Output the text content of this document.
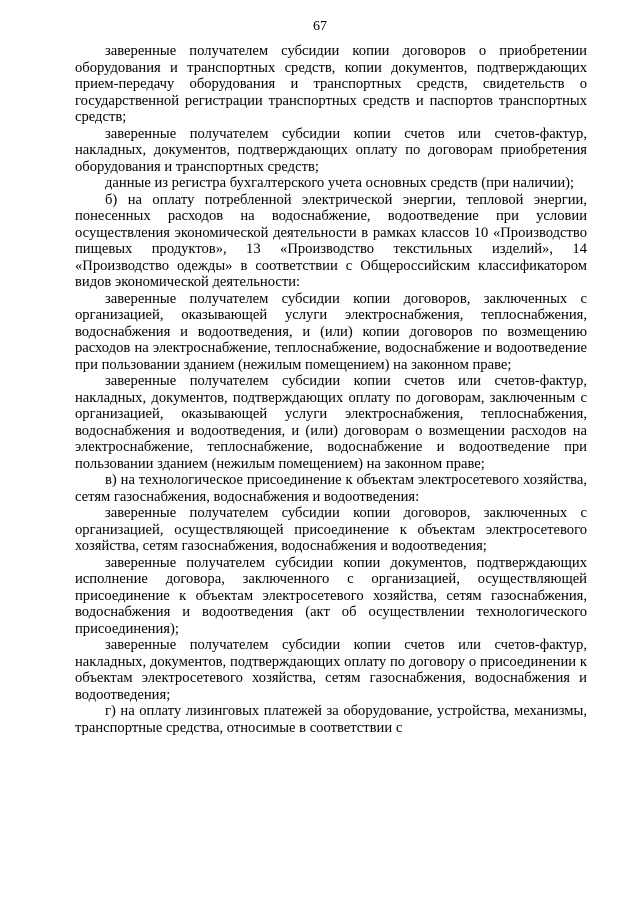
67

заверенные получателем субсидии копии договоров о приобретении оборудования и транспортных средств, копии документов, подтверждающих прием-передачу оборудования и транспортных средств, свидетельств о государственной регистрации транспортных средств и паспортов транспортных средств;

заверенные получателем субсидии копии счетов или счетов-фактур, накладных, документов, подтверждающих оплату по договорам приобретения оборудования и транспортных средств;

данные из регистра бухгалтерского учета основных средств (при наличии);

б) на оплату потребленной электрической энергии, тепловой энергии, понесенных расходов на водоснабжение, водоотведение при условии осуществления экономической деятельности в рамках классов 10 «Производство пищевых продуктов», 13 «Производство текстильных изделий», 14 «Производство одежды» в соответствии с Общероссийским классификатором видов экономической деятельности:

заверенные получателем субсидии копии договоров, заключенных с организацией, оказывающей услуги электроснабжения, теплоснабжения, водоснабжения и водоотведения, и (или) копии договоров по возмещению расходов на электроснабжение, теплоснабжение, водоснабжение и водоотведение при пользовании зданием (нежилым помещением) на законном праве;

заверенные получателем субсидии копии счетов или счетов-фактур, накладных, документов, подтверждающих оплату по договорам, заключенным с организацией, оказывающей услуги электроснабжения, теплоснабжения, водоснабжения и водоотведения, и (или) договорам о возмещении расходов на электроснабжение, теплоснабжение, водоснабжение и водоотведение при пользовании зданием (нежилым помещением) на законном праве;

в) на технологическое присоединение к объектам электросетевого хозяйства, сетям газоснабжения, водоснабжения и водоотведения:

заверенные получателем субсидии копии договоров, заключенных с организацией, осуществляющей присоединение к объектам электросетевого хозяйства, сетям газоснабжения, водоснабжения и водоотведения;

заверенные получателем субсидии копии документов, подтверждающих исполнение договора, заключенного с организацией, осуществляющей присоединение к объектам электросетевого хозяйства, сетям газоснабжения, водоснабжения и водоотведения (акт об осуществлении технологического присоединения);

заверенные получателем субсидии копии счетов или счетов-фактур, накладных, документов, подтверждающих оплату по договору о присоединении к объектам электросетевого хозяйства, сетям газоснабжения, водоснабжения и водоотведения;

г) на оплату лизинговых платежей за оборудование, устройства, механизмы, транспортные средства, относимые в соответствии с
